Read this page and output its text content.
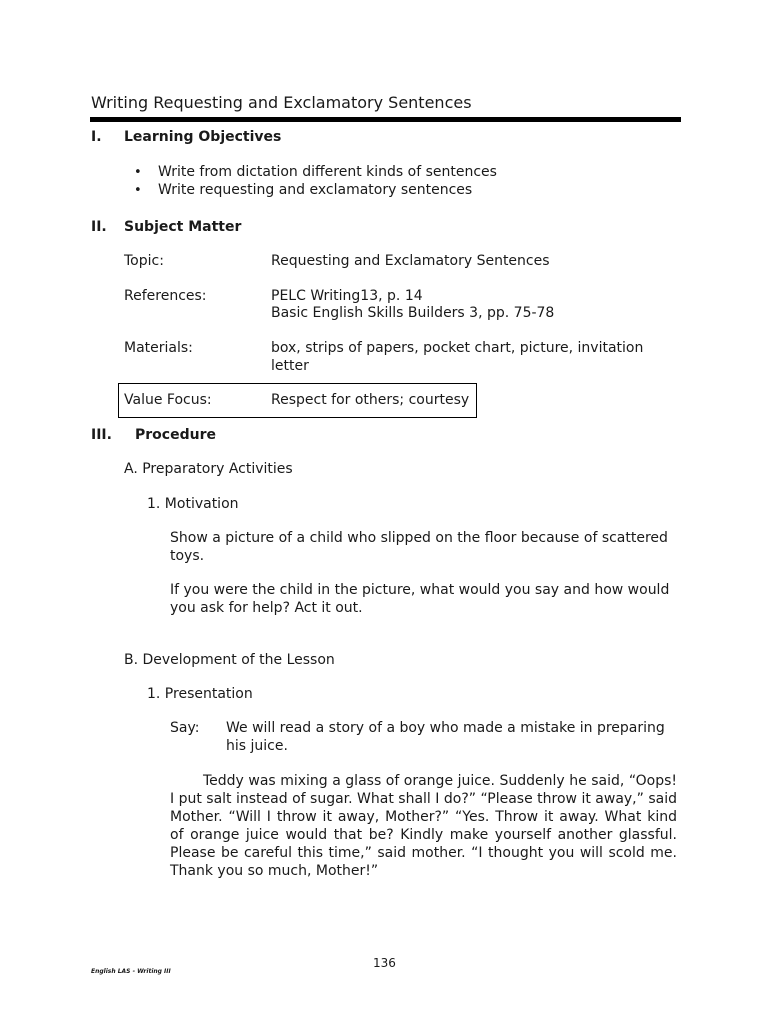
Writing Requesting and Exclamatory Sentences
I. Learning Objectives
• Write from dictation different kinds of sentences
• Write requesting and exclamatory sentences
II. Subject Matter
Topic:	Requesting and Exclamatory Sentences
References:	PELC Writing13, p. 14
Basic English Skills Builders 3, pp. 75-78
Materials:	box, strips of papers, pocket chart, picture, invitation
letter
Value Focus:	Respect for others; courtesy
III. Procedure
A. Preparatory Activities
1. Motivation
Show a picture of a child who slipped on the floor because of scattered
toys.
If you were the child in the picture, what would you say and how would
you ask for help? Act it out.
B. Development of the Lesson
1. Presentation
Say: We will read a story of a boy who made a mistake in preparing
his juice.
Teddy was mixing a glass of orange juice. Suddenly he said, “Oops! I put salt instead of sugar. What shall I do?” “Please throw it away,” said Mother. “Will I throw it away, Mother?” “Yes. Throw it away. What kind of orange juice would that be? Kindly make yourself another glassful. Please be careful this time,” said mother. “I thought you will scold me. Thank you so much, Mother!”
136
English LAS - Writing III
